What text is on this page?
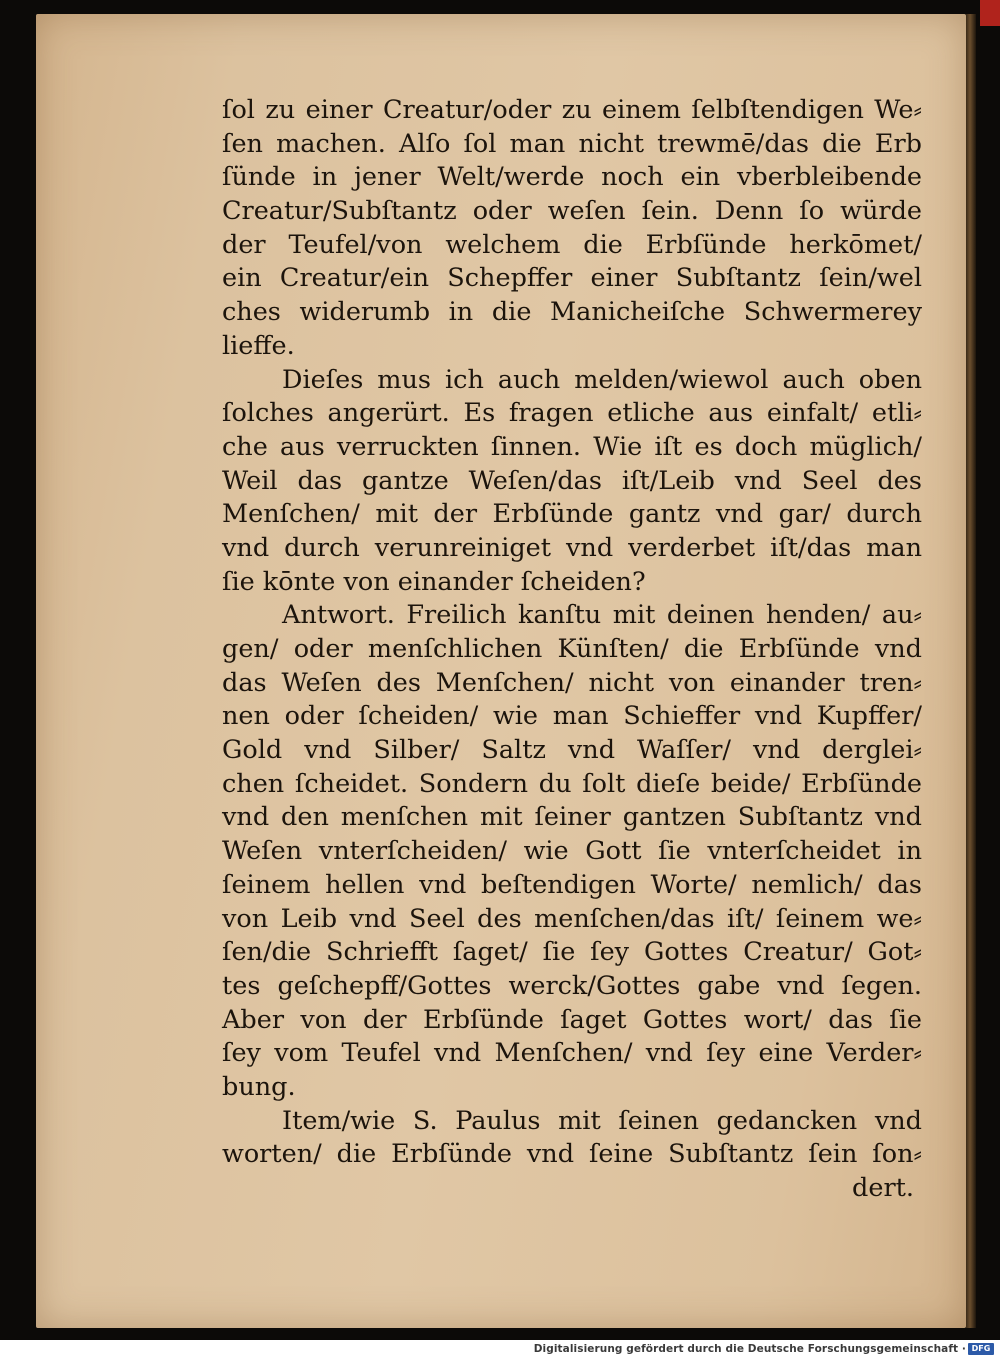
ſol zu einer Creatur/oder zu einem ſelbſtendigen We⸗
ſen machen. Alſo ſol man nicht trewmē/das die Erb
ſünde in jener Welt/werde noch ein vberbleibende
Creatur/Subſtantz oder weſen ſein. Denn ſo würde
der Teufel/von welchem die Erbſünde herkōmet/
ein Creatur/ein Schepffer einer Subſtantz ſein/wel
ches widerumb in die Manicheiſche Schwermerey
lieffe.
Dieſes mus ich auch melden/wiewol auch oben
ſolches angerürt. Es fragen etliche aus einfalt/ etli⸗
che aus verruckten ſinnen. Wie iſt es doch müglich/
Weil das gantze Weſen/das iſt/Leib vnd Seel des
Menſchen/ mit der Erbſünde gantz vnd gar/ durch
vnd durch verunreiniget vnd verderbet iſt/das man
ſie kōnte von einander ſcheiden?
Antwort. Freilich kanſtu mit deinen henden/ au⸗
gen/ oder menſchlichen Künſten/ die Erbſünde vnd
das Weſen des Menſchen/ nicht von einander tren⸗
nen oder ſcheiden/ wie man Schieffer vnd Kupffer/
Gold vnd Silber/ Saltz vnd Waſſer/ vnd derglei⸗
chen ſcheidet. Sondern du ſolt dieſe beide/ Erbſünde
vnd den menſchen mit ſeiner gantzen Subſtantz vnd
Weſen vnterſcheiden/ wie Gott ſie vnterſcheidet in
ſeinem hellen vnd beſtendigen Worte/ nemlich/ das
von Leib vnd Seel des menſchen/das iſt/ ſeinem we⸗
ſen/die Schriefft ſaget/ ſie ſey Gottes Creatur/ Got⸗
tes geſchepff/Gottes werck/Gottes gabe vnd ſegen.
Aber von der Erbſünde ſaget Gottes wort/ das ſie
ſey vom Teufel vnd Menſchen/ vnd ſey eine Verder⸗
bung.
Item/wie S. Paulus mit ſeinen gedancken vnd
worten/ die Erbſünde vnd ſeine Subſtantz ſein ſon⸗
dert.
Digitalisierung gefördert durch die Deutsche Forschungsgemeinschaft · DFG
